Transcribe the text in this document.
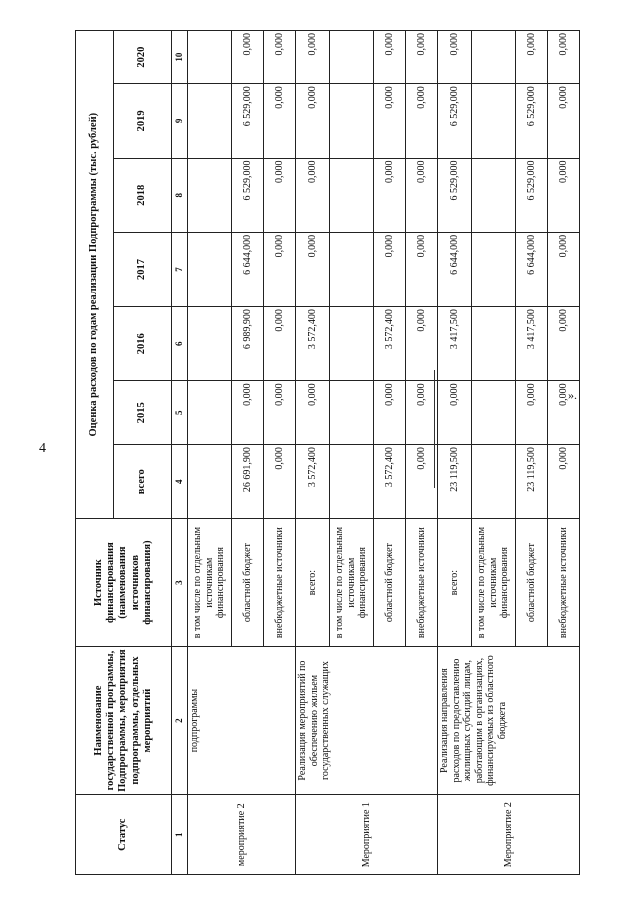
4
Статус	Наименование государственной программы, Подпрограммы, мероприятия подпрограммы, отдельных мероприятий	Источник финансирования (наименования источников финансирования)	Оценка расходов по годам реализации Подпрограммы (тыс. рублей)						
			всего	2015	2016	2017	2018	2019	2020
1	2	3	4	5	6	7	8	9	10
мероприятие 2	подпрограммы	в том числе по отдельным источникам финансирования							
		областной бюджет	26 691,900	0,000	6 989,900	6 644,000	6 529,000	6 529,000	0,000
		внебюджетные источники	0,000	0,000	0,000	0,000	0,000	0,000	0,000
Мероприятие 1	Реализация мероприятий по обеспечению жильем государственных служащих	всего:	3 572,400	0,000	3 572,400	0,000	0,000	0,000	0,000
		в том числе по отдельным источникам финансирования							
		областной бюджет	3 572,400	0,000	3 572,400	0,000	0,000	0,000	0,000
		внебюджетные источники	0,000	0,000	0,000	0,000	0,000	0,000	0,000
Мероприятие 2	Реализация направления расходов по предоставлению жилищных субсидий лицам, работающим в организациях, финансируемых из областного бюджета	всего:	23 119,500	0,000	3 417,500	6 644,000	6 529,000	6 529,000	0,000
		в том числе по отдельным источникам финансирования							
		областной бюджет	23 119,500	0,000	3 417,500	6 644,000	6 529,000	6 529,000	0,000
		внебюджетные источники	0,000	0,000	0,000	0,000	0,000	0,000	0,000
».
